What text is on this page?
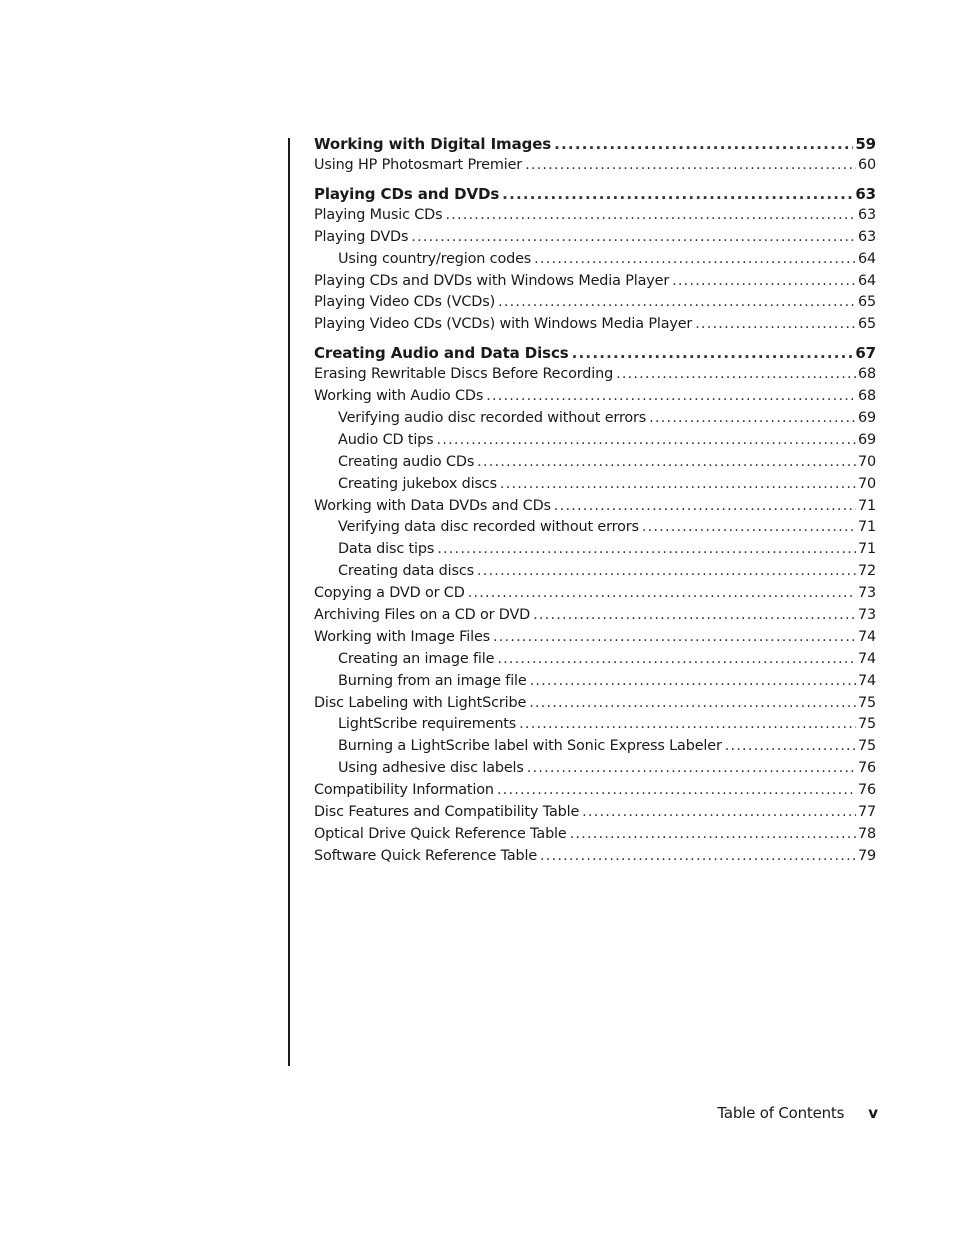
Working with Digital Images .....	59
Using HP Photosmart Premier .....	60
Playing CDs and DVDs .....	63
Playing Music CDs .....	63
Playing DVDs .....	63
Using country/region codes .....	64
Playing CDs and DVDs with Windows Media Player .....	64
Playing Video CDs (VCDs) .....	65
Playing Video CDs (VCDs) with Windows Media Player .....	65
Creating Audio and Data Discs .....	67
Erasing Rewritable Discs Before Recording .....	68
Working with Audio CDs .....	68
Verifying audio disc recorded without errors .....	69
Audio CD tips .....	69
Creating audio CDs .....	70
Creating jukebox discs .....	70
Working with Data DVDs and CDs .....	71
Verifying data disc recorded without errors .....	71
Data disc tips .....	71
Creating data discs .....	72
Copying a DVD or CD .....	73
Archiving Files on a CD or DVD .....	73
Working with Image Files .....	74
Creating an image file .....	74
Burning from an image file .....	74
Disc Labeling with LightScribe .....	75
LightScribe requirements .....	75
Burning a LightScribe label with Sonic Express Labeler .....	75
Using adhesive disc labels .....	76
Compatibility Information .....	76
Disc Features and Compatibility Table .....	77
Optical Drive Quick Reference Table .....	78
Software Quick Reference Table .....	79
Table of Contents v
